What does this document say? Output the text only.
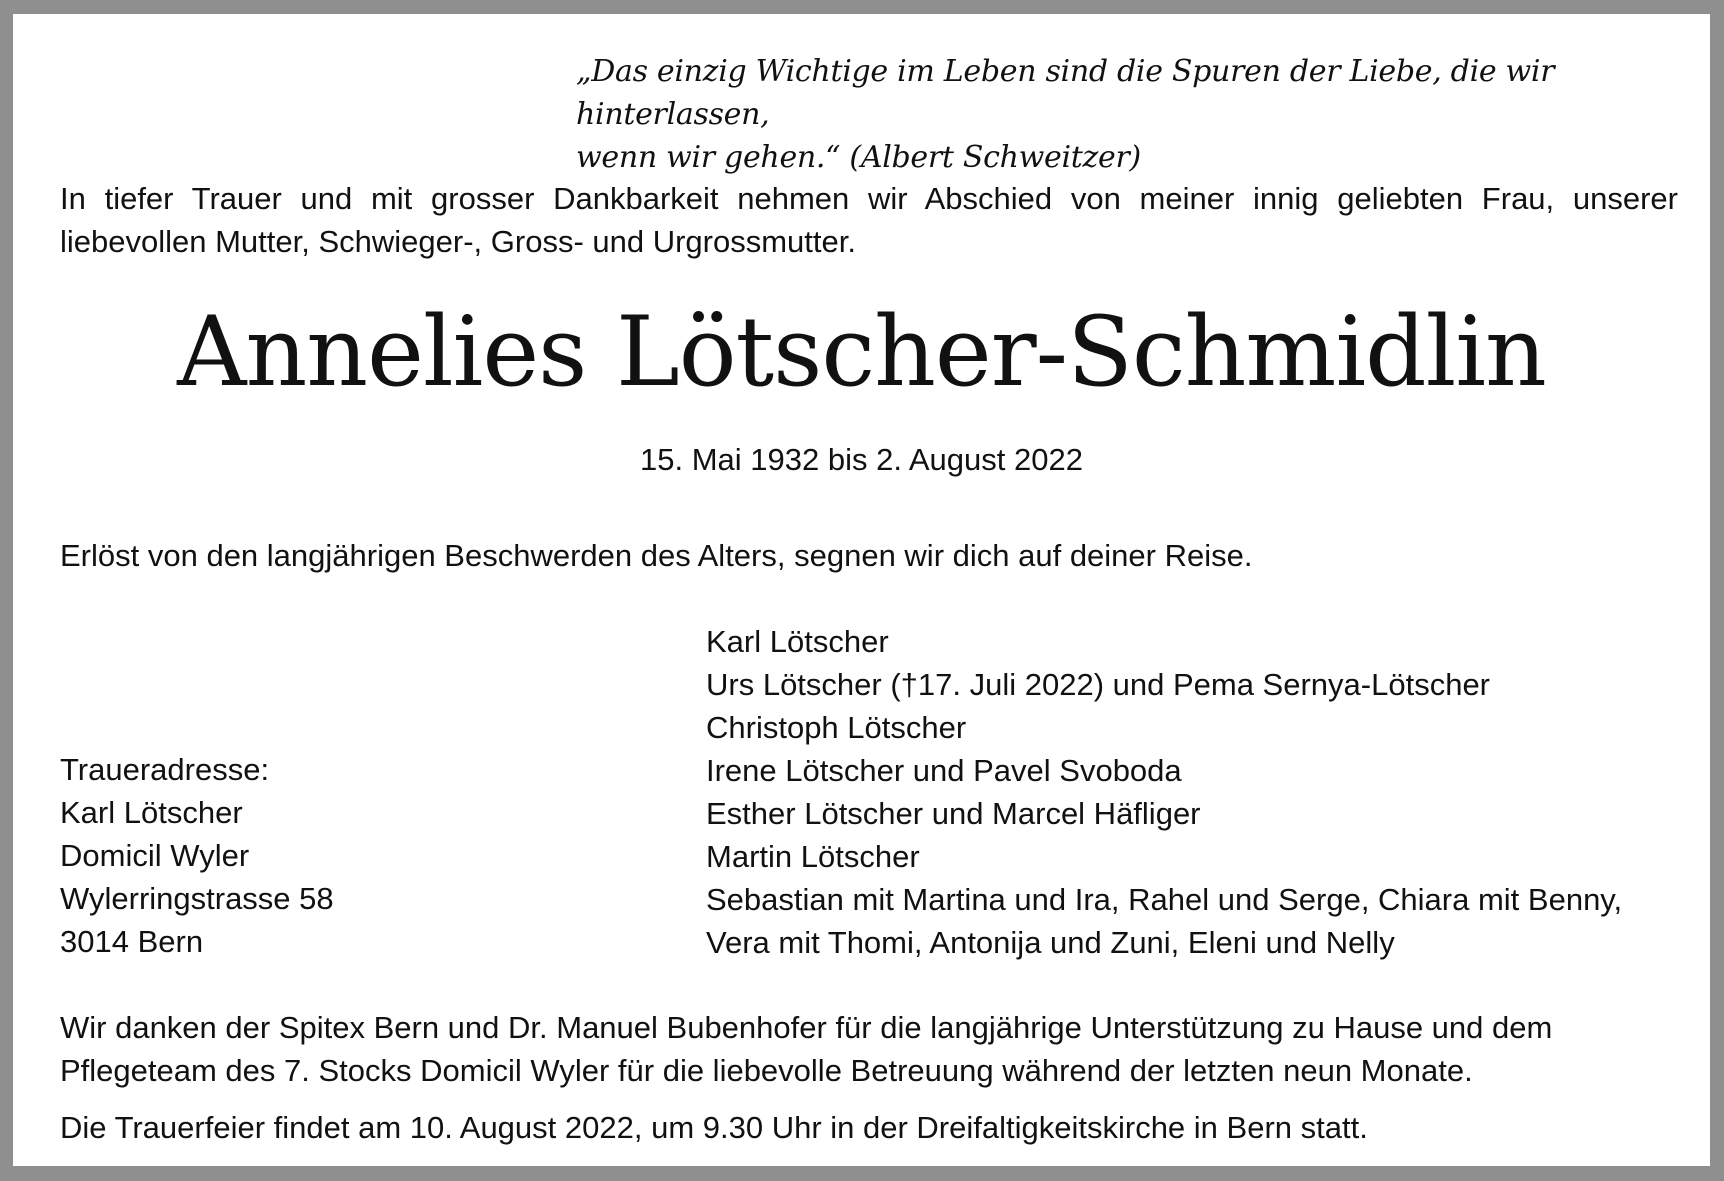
„Das einzig Wichtige im Leben sind die Spuren der Liebe, die wir hinterlassen,
wenn wir gehen.“ (Albert Schweitzer)
In tiefer Trauer und mit grosser Dankbarkeit nehmen wir Abschied von meiner innig geliebten Frau, unserer liebevollen Mutter, Schwieger-, Gross- und Urgrossmutter.
Annelies Lötscher-Schmidlin
15. Mai 1932 bis 2. August 2022
Erlöst von den langjährigen Beschwerden des Alters, segnen wir dich auf deiner Reise.
Traueradresse:
Karl Lötscher
Domicil Wyler
Wylerringstrasse 58
3014 Bern
Karl Lötscher
Urs Lötscher (†17. Juli 2022) und Pema Sernya-Lötscher
Christoph Lötscher
Irene Lötscher und Pavel Svoboda
Esther Lötscher und Marcel Häfliger
Martin Lötscher
Sebastian mit Martina und Ira, Rahel und Serge, Chiara mit Benny,
Vera mit Thomi, Antonija und Zuni, Eleni und Nelly
Wir danken der Spitex Bern und Dr. Manuel Bubenhofer für die langjährige Unterstützung zu Hause und dem
Pflegeteam des 7. Stocks Domicil Wyler für die liebevolle Betreuung während der letzten neun Monate.
Die Trauerfeier findet am 10. August 2022, um 9.30 Uhr in der Dreifaltigkeitskirche in Bern statt.
